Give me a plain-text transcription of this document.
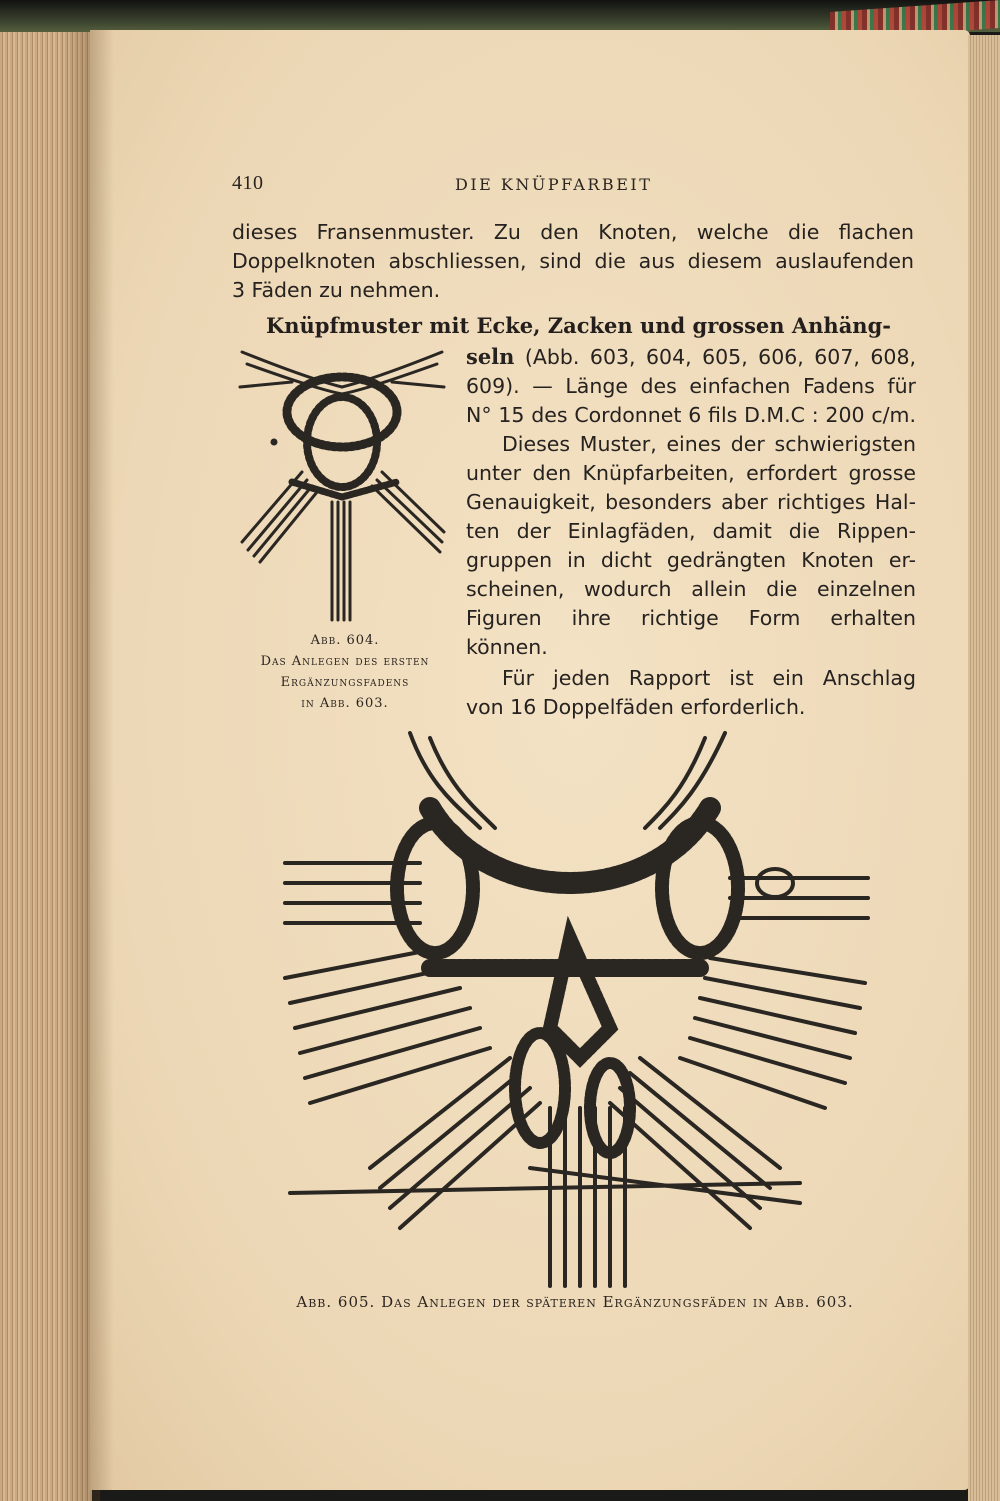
410	DIE KNÜPFARBEIT
dieses Fransenmuster. Zu den Knoten, welche die flachen
Doppelknoten abschliessen, sind die aus diesem auslaufenden
3 Fäden zu nehmen.
Knüpfmuster mit Ecke, Zacken und grossen Anhäng-
seln (Abb. 603, 604, 605, 606, 607, 608,
609). — Länge des einfachen Fadens für
N° 15 des Cordonnet 6 fils D.M.C : 200 c/m.
Dieses Muster, eines der schwierigsten
unter den Knüpfarbeiten, erfordert grosse
Genauigkeit, besonders aber richtiges Hal-
ten der Einlagfäden, damit die Rippen-
gruppen in dicht gedrängten Knoten er-
scheinen, wodurch allein die einzelnen
Figuren ihre richtige Form erhalten
können.
Für jeden Rapport ist ein Anschlag
von 16 Doppelfäden erforderlich.
Abb. 604.
Das Anlegen des ersten
Ergänzungsfadens
in Abb. 603.
Abb. 605. Das Anlegen der späteren Ergänzungsfäden in Abb. 603.
